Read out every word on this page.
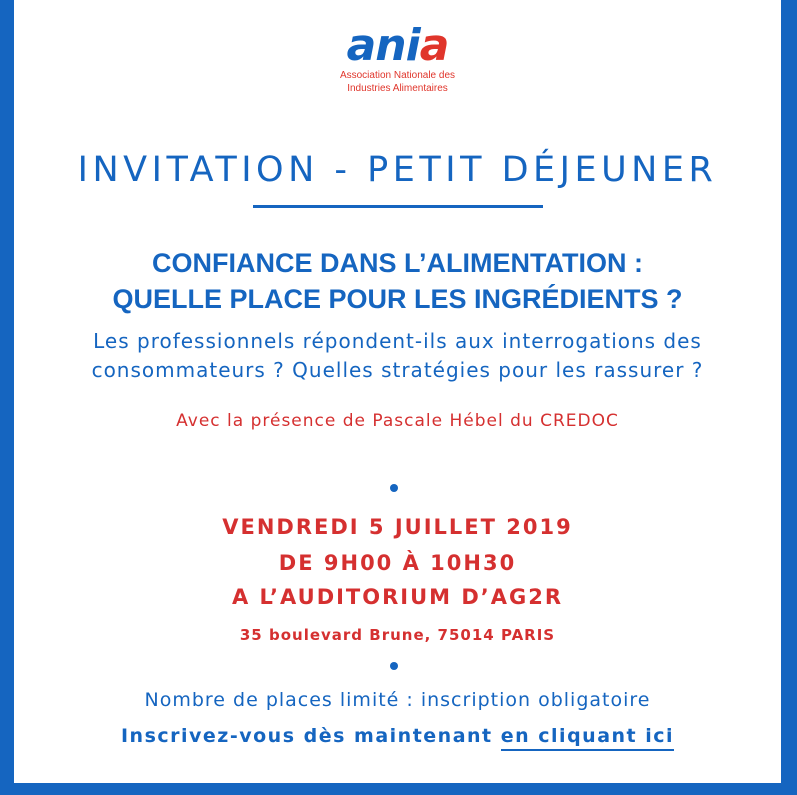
ania
Association Nationale des
Industries Alimentaires
INVITATION - PETIT DÉJEUNER
CONFIANCE DANS L’ALIMENTATION :
QUELLE PLACE POUR LES INGRÉDIENTS ?
Les professionnels répondent-ils aux interrogations des
consommateurs ? Quelles stratégies pour les rassurer ?
Avec la présence de Pascale Hébel du CREDOC
VENDREDI 5 JUILLET 2019
DE 9H00 À 10H30
A L’AUDITORIUM D’AG2R
35 boulevard Brune, 75014 PARIS
Nombre de places limité : inscription obligatoire
Inscrivez-vous dès maintenant en cliquant ici
